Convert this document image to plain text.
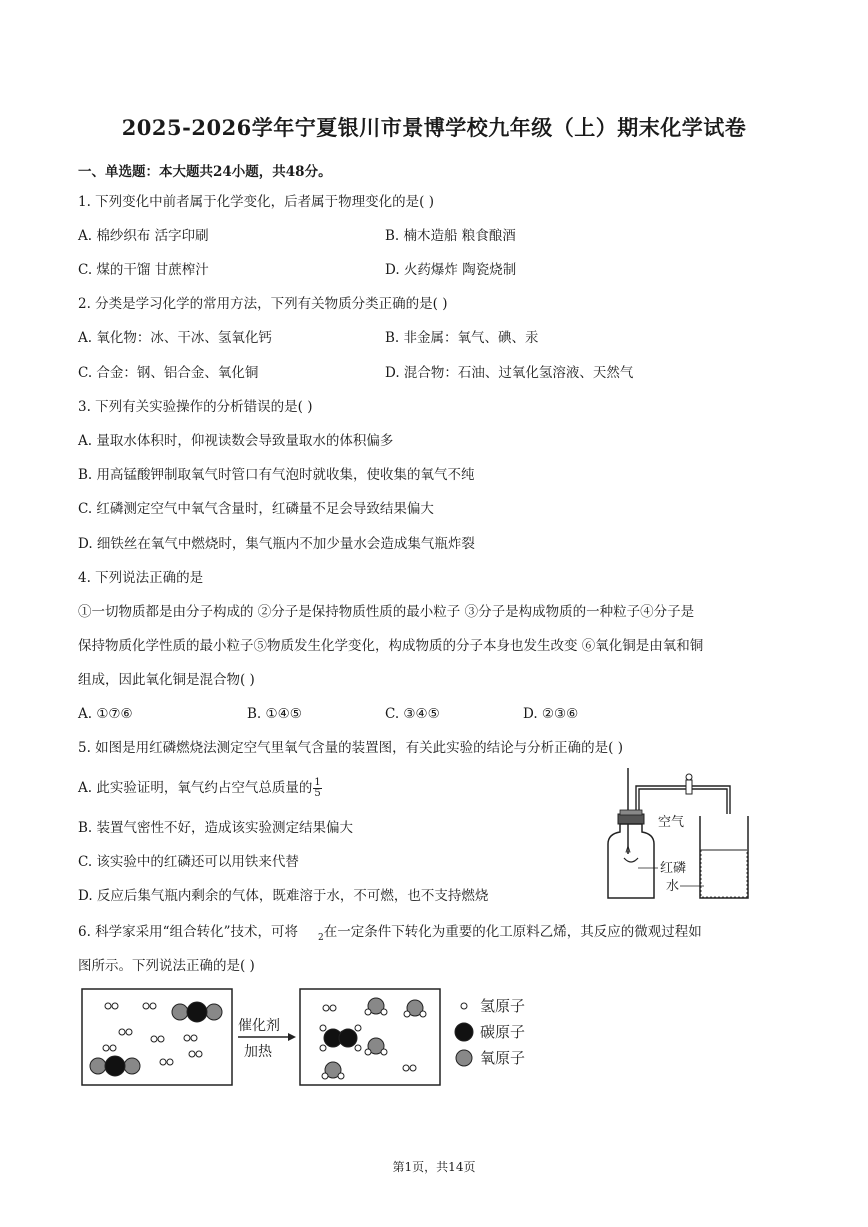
2025-2026学年宁夏银川市景博学校九年级（上）期末化学试卷
一、单选题：本大题共24小题，共48分。
1. 下列变化中前者属于化学变化，后者属于物理变化的是( )
A. 棉纱织布 活字印刷	B. 楠木造船 粮食酿酒
C. 煤的干馏 甘蔗榨汁	D. 火药爆炸 陶瓷烧制
2. 分类是学习化学的常用方法，下列有关物质分类正确的是( )
A. 氧化物：冰、干冰、氢氧化钙	B. 非金属：氧气、碘、汞
C. 合金：钢、铝合金、氧化铜	D. 混合物：石油、过氧化氢溶液、天然气
3. 下列有关实验操作的分析错误的是( )
A. 量取水体积时，仰视读数会导致量取水的体积偏多
B. 用高锰酸钾制取氧气时管口有气泡时就收集，使收集的氧气不纯
C. 红磷测定空气中氧气含量时，红磷量不足会导致结果偏大
D. 细铁丝在氧气中燃烧时，集气瓶内不加少量水会造成集气瓶炸裂
4. 下列说法正确的是
①一切物质都是由分子构成的 ②分子是保持物质性质的最小粒子 ③分子是构成物质的一种粒子④分子是
保持物质化学性质的最小粒子⑤物质发生化学变化，构成物质的分子本身也发生改变 ⑥氧化铜是由氧和铜
组成，因此氧化铜是混合物( )
A. ①⑦⑥	B. ①④⑤	C. ③④⑤	D. ②③⑥
5. 如图是用红磷燃烧法测定空气里氧气含量的装置图，有关此实验的结论与分析正确的是( )
A. 此实验证明，氧气约占空气总质量的 $\frac{1}{5}$
B. 装置气密性不好，造成该实验测定结果偏大
C. 该实验中的红磷还可以用铁来代替
D. 反应后集气瓶内剩余的气体，既难溶于水，不可燃，也不支持燃烧
空气
红磷
水
6. 科学家采用“组合转化”技术，可将 $_2$在一定条件下转化为重要的化工原料乙烯，其反应的微观过程如
图所示。下列说法正确的是( )
催化剂
加热
氢原子
碳原子
氧原子
第1页，共14页
